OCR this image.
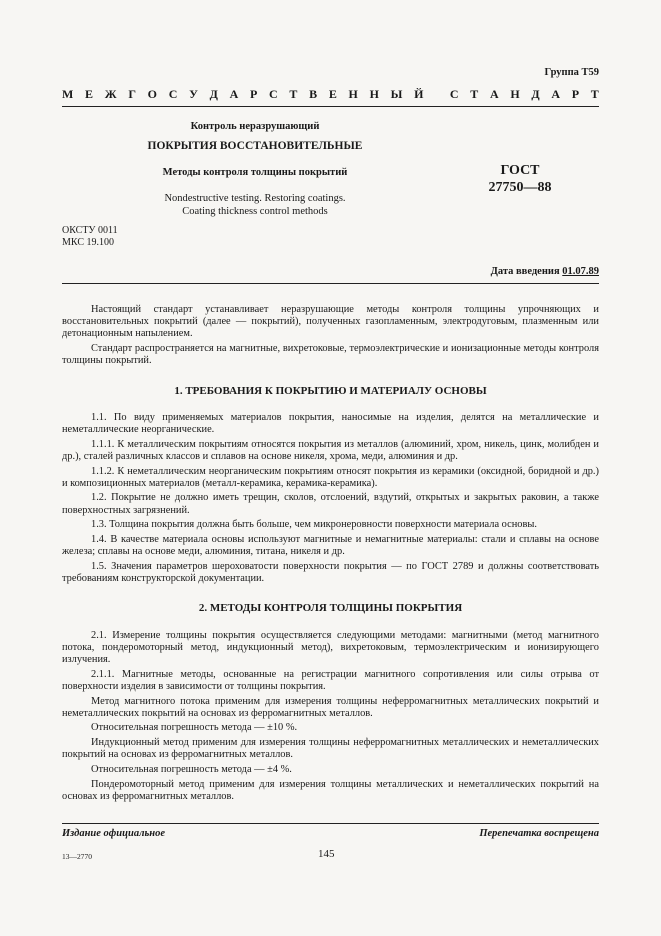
Группа Т59
М Е Ж Г О С У Д А Р С Т В Е Н Н Ы Й
С Т А Н Д А Р Т
Контроль неразрушающий
ПОКРЫТИЯ ВОССТАНОВИТЕЛЬНЫЕ
Методы контроля толщины покрытий	ГОСТ
27750—88
Nondestructive testing. Restoring coatings.
Coating thickness control methods
ОКСТУ 0011
МКС 19.100
Дата введения 01.07.89

Настоящий стандарт устанавливает неразрушающие методы контроля толщины упрочняющих и восстановительных покрытий (далее — покрытий), полученных газопламенным, электродуговым, плазменным или детонационным напылением.

Стандарт распространяется на магнитные, вихретоковые, термоэлектрические и ионизационные методы контроля толщины покрытий.

1. ТРЕБОВАНИЯ К ПОКРЫТИЮ И МАТЕРИАЛУ ОСНОВЫ

1.1. По виду применяемых материалов покрытия, наносимые на изделия, делятся на металлические и неметаллические неорганические.

1.1.1. К металлическим покрытиям относятся покрытия из металлов (алюминий, хром, никель, цинк, молибден и др.), сталей различных классов и сплавов на основе никеля, хрома, меди, алюминия и др.

1.1.2. К неметаллическим неорганическим покрытиям относят покрытия из керамики (оксидной, боридной и др.) и композиционных материалов (металл-керамика, керамика-керамика).

1.2. Покрытие не должно иметь трещин, сколов, отслоений, вздутий, открытых и закрытых раковин, а также поверхностных загрязнений.

1.3. Толщина покрытия должна быть больше, чем микронеровности поверхности материала основы.

1.4. В качестве материала основы используют магнитные и немагнитные материалы: стали и сплавы на основе железа; сплавы на основе меди, алюминия, титана, никеля и др.

1.5. Значения параметров шероховатости поверхности покрытия — по ГОСТ 2789 и должны соответствовать требованиям конструкторской документации.

2. МЕТОДЫ КОНТРОЛЯ ТОЛЩИНЫ ПОКРЫТИЯ

2.1. Измерение толщины покрытия осуществляется следующими методами: магнитными (метод магнитного потока, пондеромоторный метод, индукционный метод), вихретоковым, термоэлектрическим и ионизирующего излучения.

2.1.1. Магнитные методы, основанные на регистрации магнитного сопротивления или силы отрыва от поверхности изделия в зависимости от толщины покрытия.

Метод магнитного потока применим для измерения толщины неферромагнитных металлических покрытий и неметаллических покрытий на основах из ферромагнитных металлов.

Относительная погрешность метода — ±10 %.

Индукционный метод применим для измерения толщины неферромагнитных металлических и неметаллических покрытий на основах из ферромагнитных металлов.

Относительная погрешность метода — ±4 %.

Пондеромоторный метод применим для измерения толщины металлических и неметаллических покрытий на основах из ферромагнитных металлов.

Издание официальное	Перепечатка воспрещена
13—2770	145
